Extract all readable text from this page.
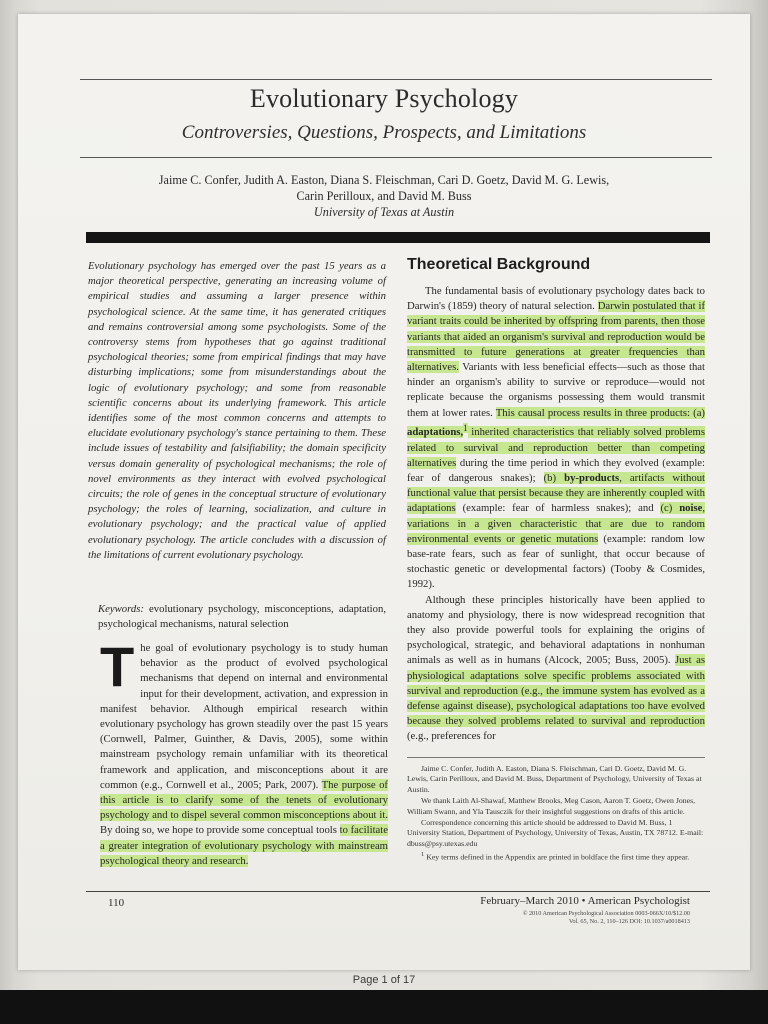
Evolutionary Psychology
Controversies, Questions, Prospects, and Limitations
Jaime C. Confer, Judith A. Easton, Diana S. Fleischman, Cari D. Goetz, David M. G. Lewis,
Carin Perilloux, and David M. Buss
University of Texas at Austin
Evolutionary psychology has emerged over the past 15 years as a major theoretical perspective, generating an increasing volume of empirical studies and assuming a larger presence within psychological science. At the same time, it has generated critiques and remains controversial among some psychologists. Some of the controversy stems from hypotheses that go against traditional psychological theories; some from empirical findings that may have disturbing implications; some from misunderstandings about the logic of evolutionary psychology; and some from reasonable scientific concerns about its underlying framework. This article identifies some of the most common concerns and attempts to elucidate evolutionary psychology's stance pertaining to them. These include issues of testability and falsifiability; the domain specificity versus domain generality of psychological mechanisms; the role of novel environments as they interact with evolved psychological circuits; the role of genes in the conceptual structure of evolutionary psychology; the roles of learning, socialization, and culture in evolutionary psychology; and the practical value of applied evolutionary psychology. The article concludes with a discussion of the limitations of current evolutionary psychology.
Keywords: evolutionary psychology, misconceptions, adaptation, psychological mechanisms, natural selection

The goal of evolutionary psychology is to study human behavior as the product of evolved psychological mechanisms that depend on internal and environmental input for their development, activation, and expression in manifest behavior. Although empirical research within evolutionary psychology has grown steadily over the past 15 years (Cornwell, Palmer, Guinther, & Davis, 2005), some within mainstream psychology remain unfamiliar with its theoretical framework and application, and misconceptions about it are common (e.g., Cornwell et al., 2005; Park, 2007). The purpose of this article is to clarify some of the tenets of evolutionary psychology and to dispel several common misconceptions about it. By doing so, we hope to provide some conceptual tools to facilitate a greater integration of evolutionary psychology with mainstream psychological theory and research.

Theoretical Background

The fundamental basis of evolutionary psychology dates back to Darwin's (1859) theory of natural selection. Darwin postulated that if variant traits could be inherited by offspring from parents, then those variants that aided an organism's survival and reproduction would be transmitted to future generations at greater frequencies than alternatives. Variants with less beneficial effects—such as those that hinder an organism's ability to survive or reproduce—would not replicate because the organisms possessing them would transmit them at lower rates. This causal process results in three products: (a) adaptations,$^1$ inherited characteristics that reliably solved problems related to survival and reproduction better than competing alternatives during the time period in which they evolved (example: fear of dangerous snakes); (b) by-products, artifacts without functional value that persist because they are inherently coupled with adaptations (example: fear of harmless snakes); and (c) noise, variations in a given characteristic that are due to random environmental events or genetic mutations (example: random low base-rate fears, such as fear of sunlight, that occur because of stochastic genetic or developmental factors) (Tooby & Cosmides, 1992).

Although these principles historically have been applied to anatomy and physiology, there is now widespread recognition that they also provide powerful tools for explaining the origins of psychological, strategic, and behavioral adaptations in nonhuman animals as well as in humans (Alcock, 2005; Buss, 2005). Just as physiological adaptations solve specific problems associated with survival and reproduction (e.g., the immune system has evolved as a defense against disease), psychological adaptations too have evolved because they solved problems related to survival and reproduction (e.g., preferences for

Jaime C. Confer, Judith A. Easton, Diana S. Fleischman, Cari D. Goetz, David M. G. Lewis, Carin Perilloux, and David M. Buss, Department of Psychology, University of Texas at Austin.

We thank Laith Al-Shawaf, Matthew Brooks, Meg Cason, Aaron T. Goetz, Owen Jones, William Swann, and Yla Tausczik for their insightful suggestions on drafts of this article.

Correspondence concerning this article should be addressed to David M. Buss, 1 University Station, Department of Psychology, University of Texas, Austin, TX 78712. E-mail: dbuss@psy.utexas.edu

$^1$ Key terms defined in the Appendix are printed in boldface the first time they appear.

110	February–March 2010 • American Psychologist
© 2010 American Psychological Association 0003-066X/10/$12.00
Vol. 65, No. 2, 110–126 DOI: 10.1037/a0018413
Page 1 of 17
